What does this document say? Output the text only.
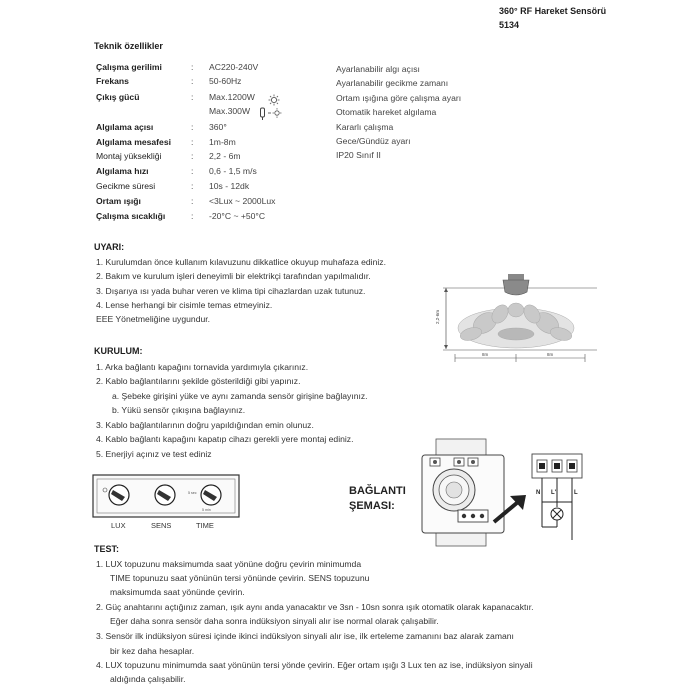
360° RF Hareket Sensörü
5134
Teknik özellikler
Çalışma gerilimi	: AC220-240V
Frekans	: 50-60Hz
Çıkış gücü	: Max.1200W
Max.300W
Algılama açısı	: 360°
Algılama mesafesi : 1m-8m
Montaj yüksekliği	: 2,2 - 6m
Algılama hızı	: 0,6 - 1,5 m/s
Gecikme süresi	: 10s - 12dk
Ortam ışığı	: <3Lux ~ 2000Lux
Çalışma sıcaklığı	: -20°C ~ +50°C
Ayarlanabilir algı açısı
Ayarlanabilir gecikme zamanı
Ortam ışığına göre çalışma ayarı
Otomatik hareket algılama
Kararlı çalışma
Gece/Gündüz ayarı
IP20 Sınıf II
UYARI:
1. Kurulumdan önce kullanım kılavuzunu dikkatlice okuyup muhafaza ediniz.
2. Bakım ve kurulum işleri deneyimli bir elektrikçi tarafından yapılmalıdır.
3. Dışarıya ısı yada buhar veren ve klima tipi cihazlardan uzak tutunuz.
4. Lense herhangi bir cisimle temas etmeyiniz.
EEE Yönetmeliğine uygundur.
KURULUM:
1. Arka bağlantı kapağını tornavida yardımıyla çıkarınız.
2. Kablo bağlantılarını şekilde gösterildiği gibi yapınız.
a. Şebeke girişini yüke ve aynı zamanda sensör girişine bağlayınız.
b. Yükü sensör çıkışına bağlayınız.
3. Kablo bağlantılarının doğru yapıldığından emin olunuz.
4. Kablo bağlantı kapağını kapatıp cihazı gerekli yere montaj ediniz.
5. Enerjiyi açınız ve test ediniz
2,2-6m
8m	8m
5 sec
5 min
LUX	SENS	TIME
BAĞLANTI
ŞEMASI:
N L'	L
TEST:
1. LUX topuzunu maksimumda saat yönüne doğru çevirin minimumda
TIME topunuzu saat yönünün tersi yönünde çevirin. SENS topuzunu
maksimumda saat yönünde çevirin.
2. Güç anahtarını açtığınız zaman, ışık aynı anda yanacaktır ve 3sn - 10sn sonra ışık otomatik olarak kapanacaktır.
Eğer daha sonra sensör daha sonra indüksiyon sinyali alır ise normal olarak çalışabilir.
3. Sensör ilk indüksiyon süresi içinde ikinci indüksiyon sinyali alır ise, ilk erteleme zamanını baz alarak zamanı
bir kez daha hesaplar.
4. LUX topuzunu minimumda saat yönünün tersi yönde çevirin. Eğer ortam ışığı 3 Lux ten az ise, indüksiyon sinyali
aldığında çalışabilir.
